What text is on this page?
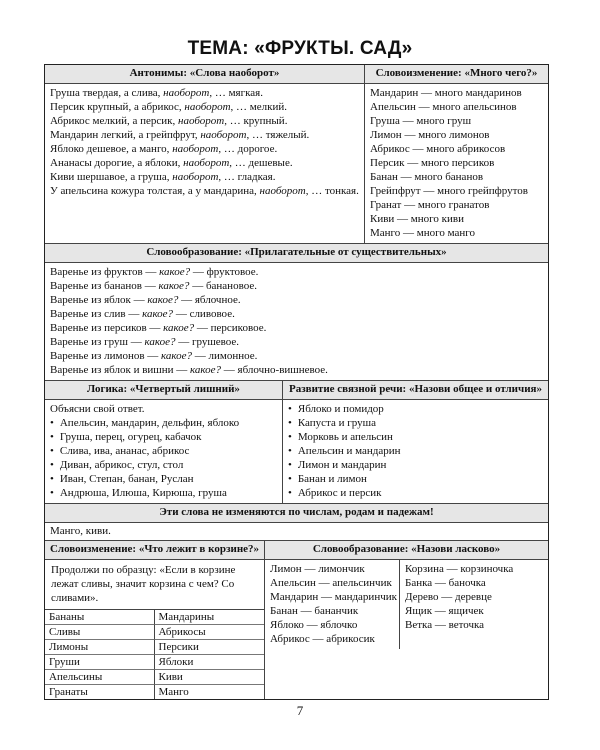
ТЕМА: «ФРУКТЫ. САД»
Антонимы: «Слова наоборот»
Груша твердая, а слива, наоборот, … мягкая.
Персик крупный, а абрикос, наоборот, … мелкий.
Абрикос мелкий, а персик, наоборот, … крупный.
Мандарин легкий, а грейпфрут, наоборот, … тяжелый.
Яблоко дешевое, а манго, наоборот, … дорогое.
Ананасы дорогие, а яблоки, наоборот, … дешевые.
Киви шершавое, а груша, наоборот, … гладкая.
У апельсина кожура толстая, а у мандарина, наоборот, … тонкая.
Словоизменение: «Много чего?»
Мандарин — много мандаринов
Апельсин — много апельсинов
Груша — много груш
Лимон — много лимонов
Абрикос — много абрикосов
Персик — много персиков
Банан — много бананов
Грейпфрут — много грейпфрутов
Гранат — много гранатов
Киви — много киви
Манго — много манго
Словообразование: «Прилагательные от существительных»
Варенье из фруктов — какое? — фруктовое.
Варенье из бананов — какое? — банановое.
Варенье из яблок — какое? — яблочное.
Варенье из слив — какое? — сливовое.
Варенье из персиков — какое? — персиковое.
Варенье из груш — какое? — грушевое.
Варенье из лимонов — какое? — лимонное.
Варенье из яблок и вишни — какое? — яблочно-вишневое.
Логика: «Четвертый лишний»
Объясни свой ответ.
• Апельсин, мандарин, дельфин, яблоко
• Груша, перец, огурец, кабачок
• Слива, ива, ананас, абрикос
• Диван, абрикос, стул, стол
• Иван, Степан, банан, Руслан
• Андрюша, Илюша, Кирюша, груша
Развитие связной речи: «Назови общее и отличия»
• Яблоко и помидор
• Капуста и груша
• Морковь и апельсин
• Апельсин и мандарин
• Лимон и мандарин
• Банан и лимон
• Абрикос и персик
Эти слова не изменяются по числам, родам и падежам!
Манго, киви.
Словоизменение: «Что лежит в корзине?»
Продолжи по образцу: «Если в корзине лежат сливы, значит корзина с чем? Со сливами».
Бананы	Мандарины
Сливы	Абрикосы
Лимоны	Персики
Груши	Яблоки
Апельсины	Киви
Гранаты	Манго
Словообразование: «Назови ласково»
Лимон — лимончик
Апельсин — апельсинчик
Мандарин — мандаринчик
Банан — бананчик
Яблоко — яблочко
Абрикос — абрикосик
Корзина — корзиночка
Банка — баночка
Дерево — деревце
Ящик — ящичек
Ветка — веточка
7
